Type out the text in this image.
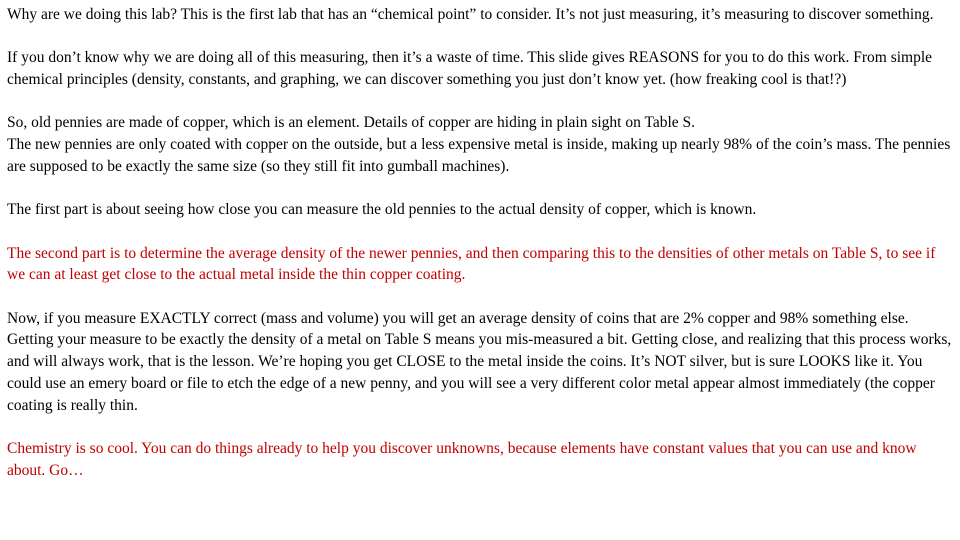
Why are we doing this lab? This is the first lab that has an “chemical point” to consider. It’s not just measuring, it’s measuring to discover something.

If you don’t know why we are doing all of this measuring, then it’s a waste of time. This slide gives REASONS for you to do this work. From simple chemical principles (density, constants, and graphing, we can discover something you just don’t know yet. (how freaking cool is that!?)

So, old pennies are made of copper, which is an element. Details of copper are hiding in plain sight on Table S.
The new pennies are only coated with copper on the outside, but a less expensive metal is inside, making up nearly 98% of the coin’s mass. The pennies are supposed to be exactly the same size (so they still fit into gumball machines).

The first part is about seeing how close you can measure the old pennies to the actual density of copper, which is known.

The second part is to determine the average density of the newer pennies, and then comparing this to the densities of other metals on Table S, to see if we can at least get close to the actual metal inside the thin copper coating.

Now, if you measure EXACTLY correct (mass and volume) you will get an average density of coins that are 2% copper and 98% something else. Getting your measure to be exactly the density of a metal on Table S means you mis-measured a bit. Getting close, and realizing that this process works, and will always work, that is the lesson. We’re hoping you get CLOSE to the metal inside the coins. It’s NOT silver, but is sure LOOKS like it. You could use an emery board or file to etch the edge of a new penny, and you will see a very different color metal appear almost immediately (the copper coating is really thin.

Chemistry is so cool. You can do things already to help you discover unknowns, because elements have constant values that you can use and know about. Go…
